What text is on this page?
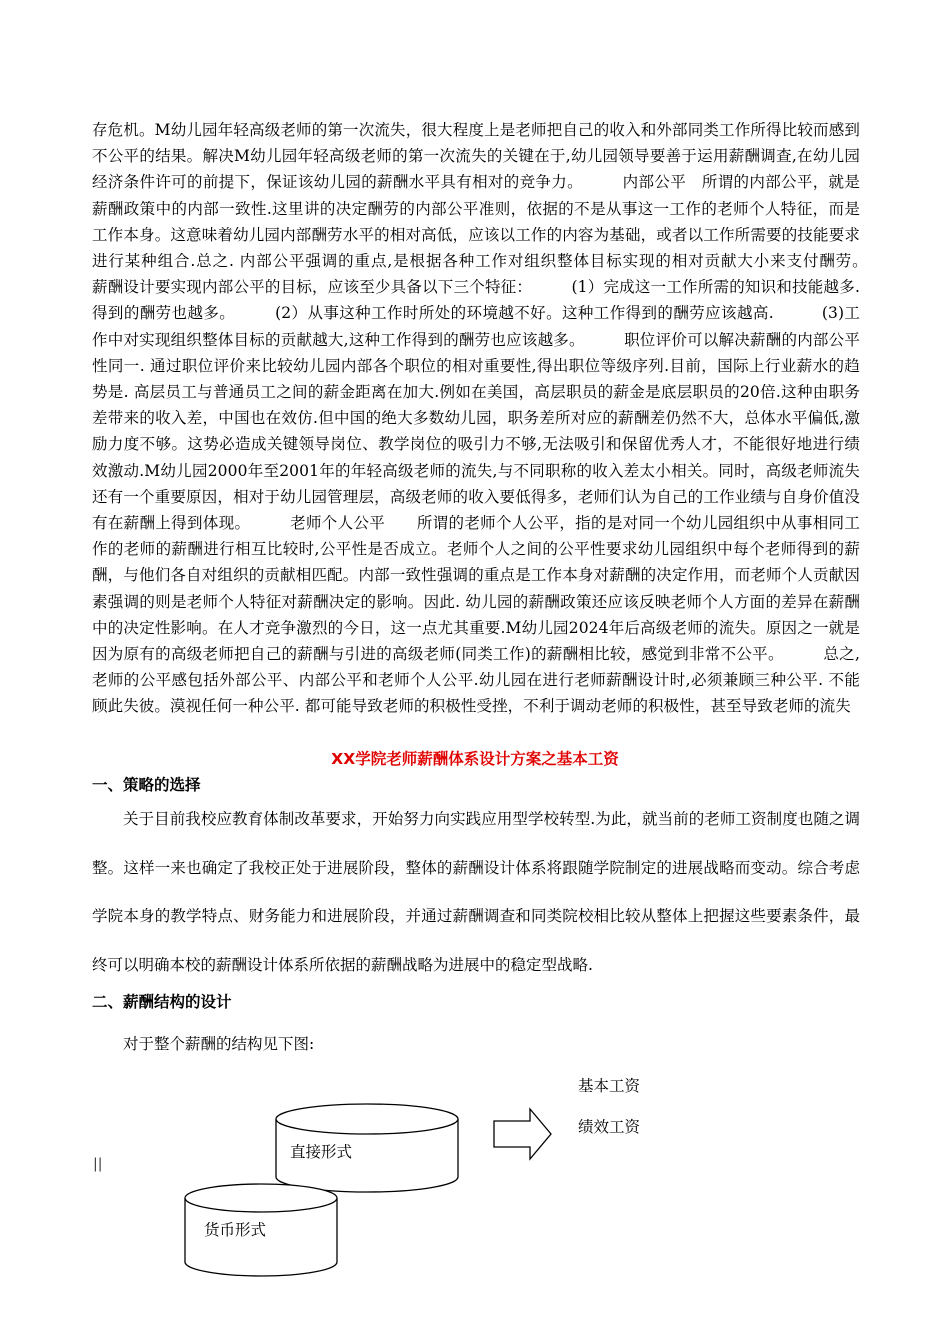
存危机。M幼儿园年轻高级老师的第一次流失，很大程度上是老师把自己的收入和外部同类工作所得比较而感到不公平的结果。解决M幼儿园年轻高级老师的第一次流失的关键在于,幼儿园领导要善于运用薪酬调查,在幼儿园经济条件许可的前提下，保证该幼儿园的薪酬水平具有相对的竞争力。　　　内部公平　所谓的内部公平，就是薪酬政策中的内部一致性.这里讲的决定酬劳的内部公平准则，依据的不是从事这一工作的老师个人特征，而是工作本身。这意味着幼儿园内部酬劳水平的相对高低，应该以工作的内容为基础，或者以工作所需要的技能要求进行某种组合.总之. 内部公平强调的重点,是根据各种工作对组织整体目标实现的相对贡献大小来支付酬劳。　　　薪酬设计要实现内部公平的目标，应该至少具备以下三个特征：　　　(1）完成这一工作所需的知识和技能越多.得到的酬劳也越多。　　　(2）从事这种工作时所处的环境越不好。这种工作得到的酬劳应该越高.　　　(3)工作中对实现组织整体目标的贡献越大,这种工作得到的酬劳也应该越多。　　　职位评价可以解决薪酬的内部公平性同一. 通过职位评价来比较幼儿园内部各个职位的相对重要性,得出职位等级序列.目前，国际上行业薪水的趋势是. 高层员工与普通员工之间的薪金距离在加大.例如在美国，高层职员的薪金是底层职员的20倍.这种由职务差带来的收入差，中国也在效仿.但中国的绝大多数幼儿园，职务差所对应的薪酬差仍然不大，总体水平偏低,激励力度不够。这势必造成关键领导岗位、教学岗位的吸引力不够,无法吸引和保留优秀人才，不能很好地进行绩效激动.M幼儿园2000年至2001年的年轻高级老师的流失,与不同职称的收入差太小相关。同时，高级老师流失还有一个重要原因，相对于幼儿园管理层，高级老师的收入要低得多，老师们认为自己的工作业绩与自身价值没有在薪酬上得到体现。　　　老师个人公平　　所谓的老师个人公平，指的是对同一个幼儿园组织中从事相同工作的老师的薪酬进行相互比较时,公平性是否成立。老师个人之间的公平性要求幼儿园组织中每个老师得到的薪酬，与他们各自对组织的贡献相匹配。内部一致性强调的重点是工作本身对薪酬的决定作用，而老师个人贡献因素强调的则是老师个人特征对薪酬决定的影响。因此. 幼儿园的薪酬政策还应该反映老师个人方面的差异在薪酬中的决定性影响。在人才竞争激烈的今日，这一点尤其重要.M幼儿园2024年后高级老师的流失。原因之一就是因为原有的高级老师把自己的薪酬与引进的高级老师(同类工作)的薪酬相比较，感觉到非常不公平。　　　总之,老师的公平感包括外部公平、内部公平和老师个人公平.幼儿园在进行老师薪酬设计时,必须兼顾三种公平. 不能顾此失彼。漠视任何一种公平. 都可能导致老师的积极性受挫，不利于调动老师的积极性，甚至导致老师的流失
XX学院老师薪酬体系设计方案之基本工资
一、策略的选择
关于目前我校应教育体制改革要求，开始努力向实践应用型学校转型.为此，就当前的老师工资制度也随之调整。这样一来也确定了我校正处于进展阶段，整体的薪酬设计体系将跟随学院制定的进展战略而变动。综合考虑学院本身的教学特点、财务能力和进展阶段，并通过薪酬调查和同类院校相比较从整体上把握这些要素条件，最终可以明确本校的薪酬设计体系所依据的薪酬战略为进展中的稳定型战略.
二、薪酬结构的设计
对于整个薪酬的结构见下图:
直接形式
货币形式
基本工资
绩效工资
||
